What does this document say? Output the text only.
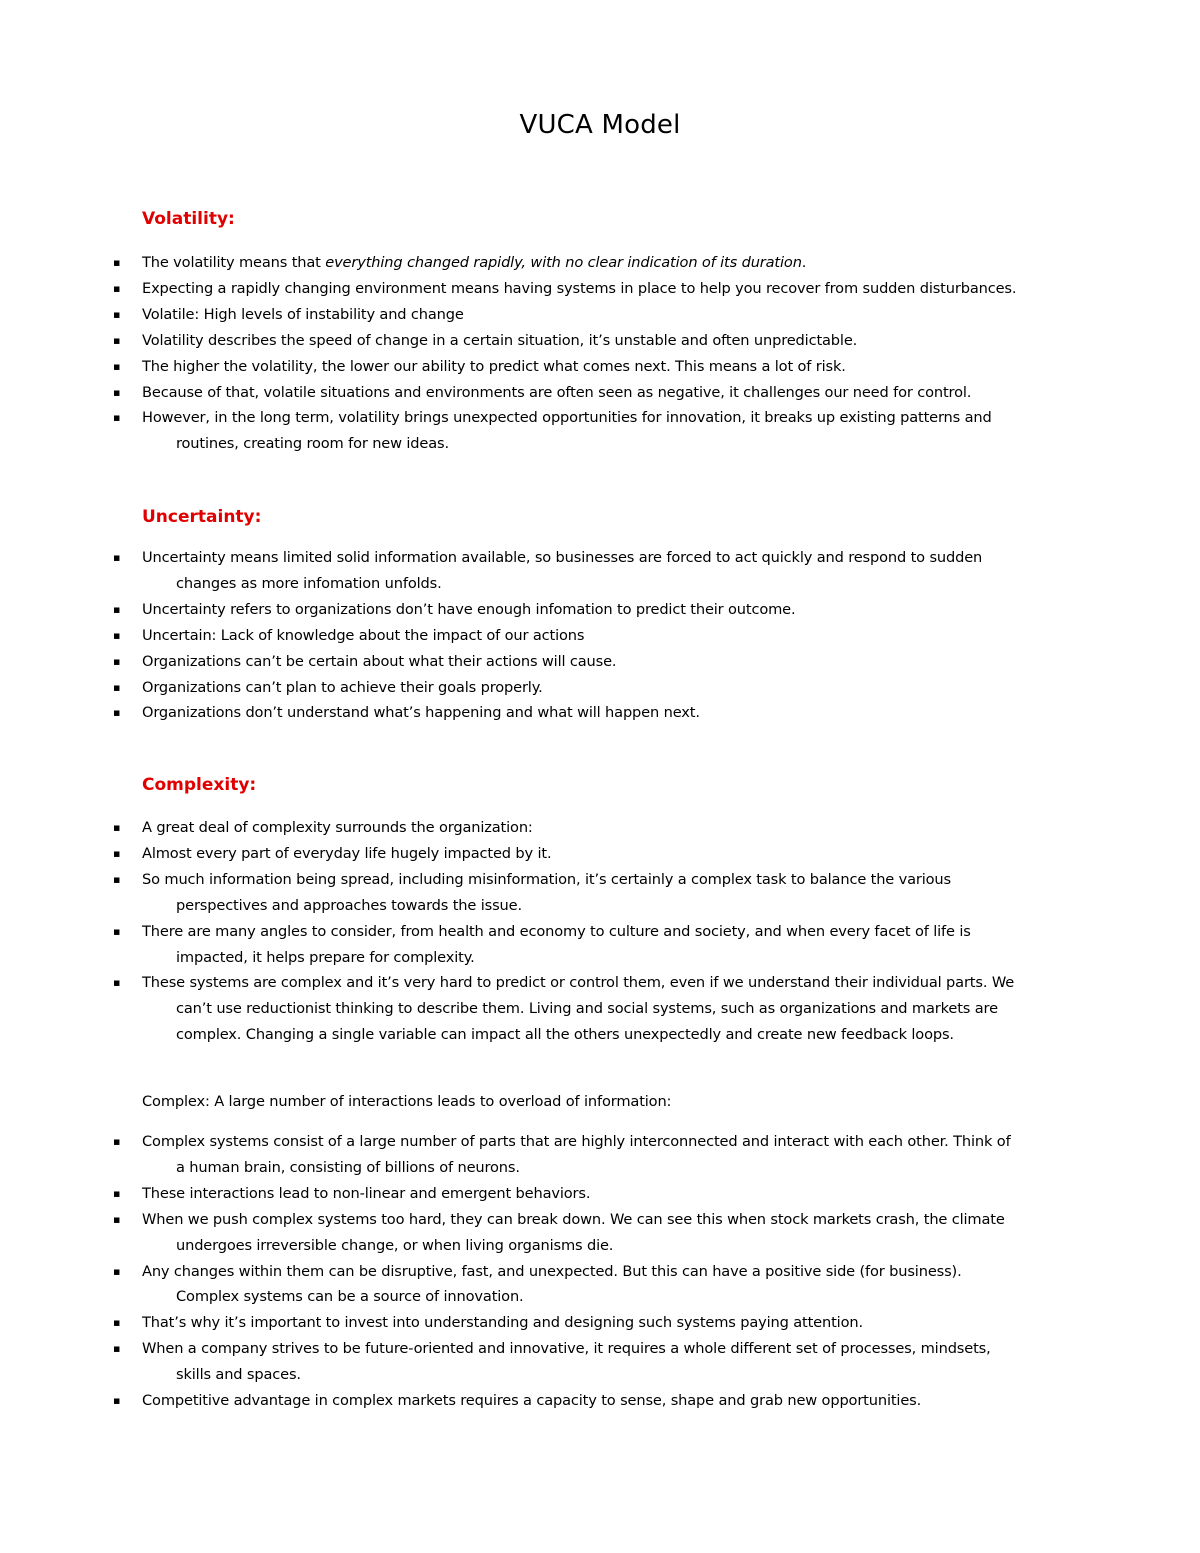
VUCA Model
Volatility:
▪ The volatility means that everything changed rapidly, with no clear indication of its duration.
▪ Expecting a rapidly changing environment means having systems in place to help you recover from sudden disturbances.
▪ Volatile: High levels of instability and change
▪ Volatility describes the speed of change in a certain situation, it’s unstable and often unpredictable.
▪ The higher the volatility, the lower our ability to predict what comes next. This means a lot of risk.
▪ Because of that, volatile situations and environments are often seen as negative, it challenges our need for control.
▪ However, in the long term, volatility brings unexpected opportunities for innovation, it breaks up existing patterns and
routines, creating room for new ideas.
Uncertainty:
▪ Uncertainty means limited solid information available, so businesses are forced to act quickly and respond to sudden
changes as more infomation unfolds.
▪ Uncertainty refers to organizations don’t have enough infomation to predict their outcome.
▪ Uncertain: Lack of knowledge about the impact of our actions
▪ Organizations can’t be certain about what their actions will cause.
▪ Organizations can’t plan to achieve their goals properly.
▪ Organizations don’t understand what’s happening and what will happen next.
Complexity:
▪ A great deal of complexity surrounds the organization:
▪ Almost every part of everyday life hugely impacted by it.
▪ So much information being spread, including misinformation, it’s certainly a complex task to balance the various
perspectives and approaches towards the issue.
▪ There are many angles to consider, from health and economy to culture and society, and when every facet of life is
impacted, it helps prepare for complexity.
▪ These systems are complex and it’s very hard to predict or control them, even if we understand their individual parts. We
can’t use reductionist thinking to describe them. Living and social systems, such as organizations and markets are
complex. Changing a single variable can impact all the others unexpectedly and create new feedback loops.
Complex: A large number of interactions leads to overload of information:
▪ Complex systems consist of a large number of parts that are highly interconnected and interact with each other. Think of
a human brain, consisting of billions of neurons.
▪ These interactions lead to non-linear and emergent behaviors.
▪ When we push complex systems too hard, they can break down. We can see this when stock markets crash, the climate
undergoes irreversible change, or when living organisms die.
▪ Any changes within them can be disruptive, fast, and unexpected. But this can have a positive side (for business).
Complex systems can be a source of innovation.
▪ That’s why it’s important to invest into understanding and designing such systems paying attention.
▪ When a company strives to be future-oriented and innovative, it requires a whole different set of processes, mindsets,
skills and spaces.
▪ Competitive advantage in complex markets requires a capacity to sense, shape and grab new opportunities.
